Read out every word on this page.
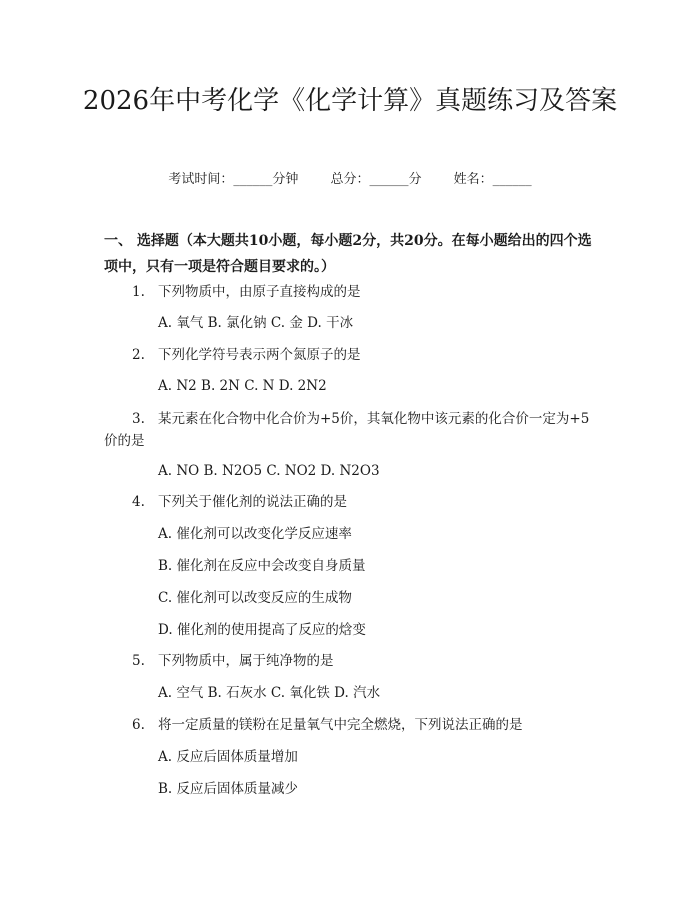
2026年中考化学《化学计算》真题练习及答案
考试时间：______分钟 总分：______分 姓名：______
一、 选择题（本大题共10小题，每小题2分，共20分。在每小题给出的四个选项中，只有一项是符合题目要求的。）
1. 下列物质中，由原子直接构成的是
A. 氧气 B. 氯化钠 C. 金 D. 干冰
2. 下列化学符号表示两个氮原子的是
A. N2 B. 2N C. N D. 2N2
3. 某元素在化合物中化合价为+5价，其氧化物中该元素的化合价一定为+5价的是
A. NO B. N2O5 C. NO2 D. N2O3
4. 下列关于催化剂的说法正确的是
A. 催化剂可以改变化学反应速率
B. 催化剂在反应中会改变自身质量
C. 催化剂可以改变反应的生成物
D. 催化剂的使用提高了反应的焓变
5. 下列物质中，属于纯净物的是
A. 空气 B. 石灰水 C. 氧化铁 D. 汽水
6. 将一定质量的镁粉在足量氧气中完全燃烧，下列说法正确的是
A. 反应后固体质量增加
B. 反应后固体质量减少
